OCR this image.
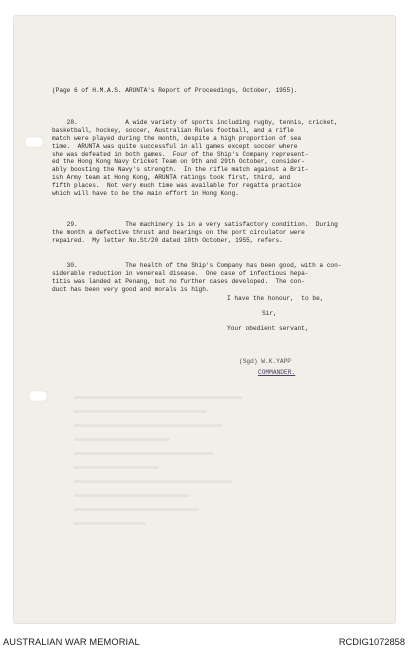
(Page 6 of H.M.A.S. ARUNTA's Report of Proceedings, October, 1955).

28.	A wide variety of sports including rugby, tennis, cricket,
basketball, hockey, soccer, Australian Rules football, and a rifle
match were played during the month, despite a high proportion of sea
time.  ARUNTA was quite successful in all games except soccer where
she was defeated in both games.  Four of the Ship's Company represent-
ed the Hong Kong Navy Cricket Team on 9th and 29th October, consider-
ably boosting the Navy's strength.  In the rifle match against a Brit-
ish Army team at Hong Kong, ARUNTA ratings took first, third, and
fifth places.  Not very much time was available for regatta practice
which will have to be the main effort in Hong Kong.

29.	The machinery is in a very satisfactory condition.  During
the month a defective thrust and bearings on the port circulator were
repaired.  My letter No.St/20 dated 10th October, 1955, refers.

30.	The health of the Ship's Company has been good, with a con-
siderable reduction in venereal disease.  One case of infectious hepa-
titis was landed at Penang, but no further cases developed.  The con-
duct has been very good and morals is high.

I have the honour,  to be,
Sir,
Your obedient servant,
(Sgd) W.K.YAPP
COMMANDER.
AUSTRALIAN WAR MEMORIAL	RCDIG1072858
